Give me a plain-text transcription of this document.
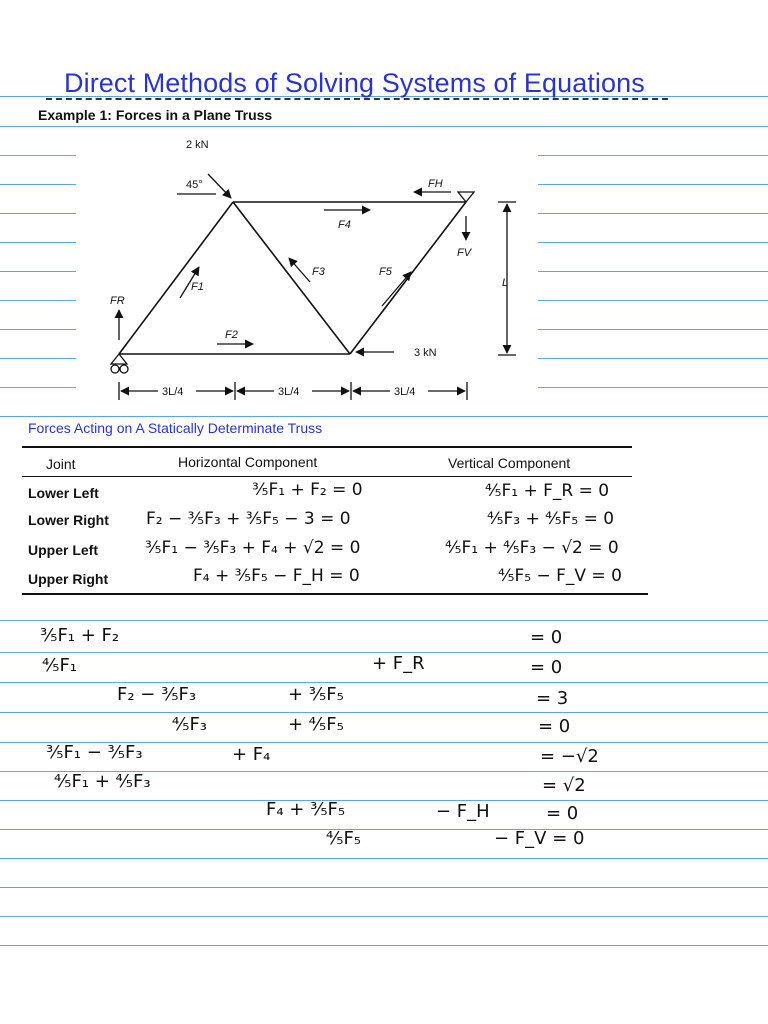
Direct Methods of Solving Systems of Equations
Example 1: Forces in a Plane Truss
2 kN
45°	FH
F4
FV
F3	F5
F1
FR
F2
L
3 kN
3L/4	3L/4	3L/4
Forces Acting on A Statically Determinate Truss
Joint	Horizontal Component	Vertical Component
Lower Left	³⁄₅F₁ + F₂ = 0	⁴⁄₅F₁ + F_R = 0
Lower Right F₂ − ³⁄₅F₃ + ³⁄₅F₅ − 3 = 0	⁴⁄₅F₃ + ⁴⁄₅F₅ = 0
Upper Left	³⁄₅F₁ − ³⁄₅F₃ + F₄ + √2 = 0	⁴⁄₅F₁ + ⁴⁄₅F₃ − √2 = 0
Upper Right	F₄ + ³⁄₅F₅ − F_H = 0	⁴⁄₅F₅ − F_V = 0
³⁄₅F₁ + F₂	= 0
⁴⁄₅F₁	+ F_R	= 0
F₂ − ³⁄₅F₃	+ ³⁄₅F₅	= 3
⁴⁄₅F₃	+ ⁴⁄₅F₅	= 0
³⁄₅F₁ − ³⁄₅F₃	+ F₄	= −√2
⁴⁄₅F₁ + ⁴⁄₅F₃	= √2
F₄ + ³⁄₅F₅	− F_H	= 0
⁴⁄₅F₅	− F_V = 0
